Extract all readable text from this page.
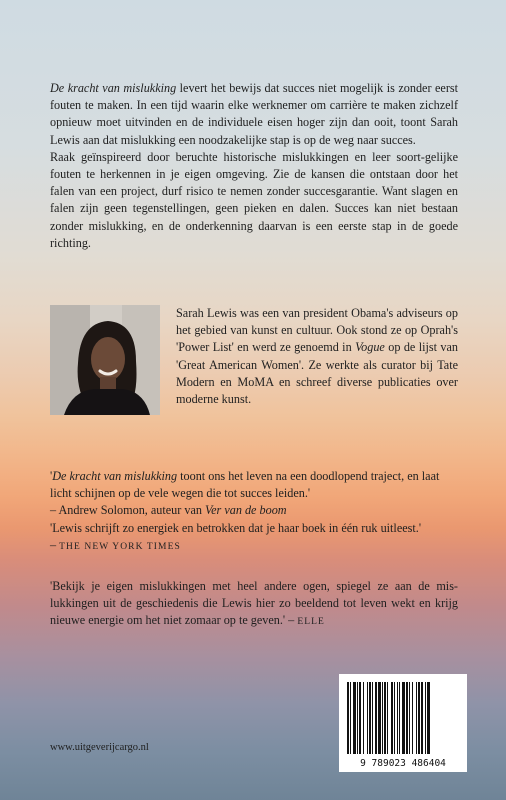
De kracht van mislukking levert het bewijs dat succes niet mogelijk is zonder eerst fouten te maken. In een tijd waarin elke werknemer om carrière te maken zichzelf opnieuw moet uitvinden en de individuele eisen hoger zijn dan ooit, toont Sarah Lewis aan dat mislukking een noodzakelijke stap is op de weg naar succes.

Raak geïnspireerd door beruchte historische mislukkingen en leer soort-gelijke fouten te herkennen in je eigen omgeving. Zie de kansen die ontstaan door het falen van een project, durf risico te nemen zonder succesgarantie. Want slagen en falen zijn geen tegenstellingen, geen pieken en dalen. Succes kan niet bestaan zonder mislukking, en de onderkenning daarvan is een eerste stap in de goede richting.

Sarah Lewis was een van president Obama's adviseurs op het gebied van kunst en cultuur. Ook stond ze op Oprah's 'Power List' en werd ze genoemd in Vogue op de lijst van 'Great American Women'. Ze werkte als curator bij Tate Modern en MoMA en schreef diverse publicaties over moderne kunst.
'De kracht van mislukking toont ons het leven na een doodlopend traject, en laat licht schijnen op de vele wegen die tot succes leiden.'
– Andrew Solomon, auteur van Ver van de boom
'Lewis schrijft zo energiek en betrokken dat je haar boek in één ruk uitleest.'
– THE NEW YORK TIMES
'Bekijk je eigen mislukkingen met heel andere ogen, spiegel ze aan de mis-lukkingen uit de geschiedenis die Lewis hier zo beeldend tot leven wekt en krijg nieuwe energie om het niet zomaar op te geven.' – ELLE
9 789023 486404
www.uitgeverijcargo.nl
